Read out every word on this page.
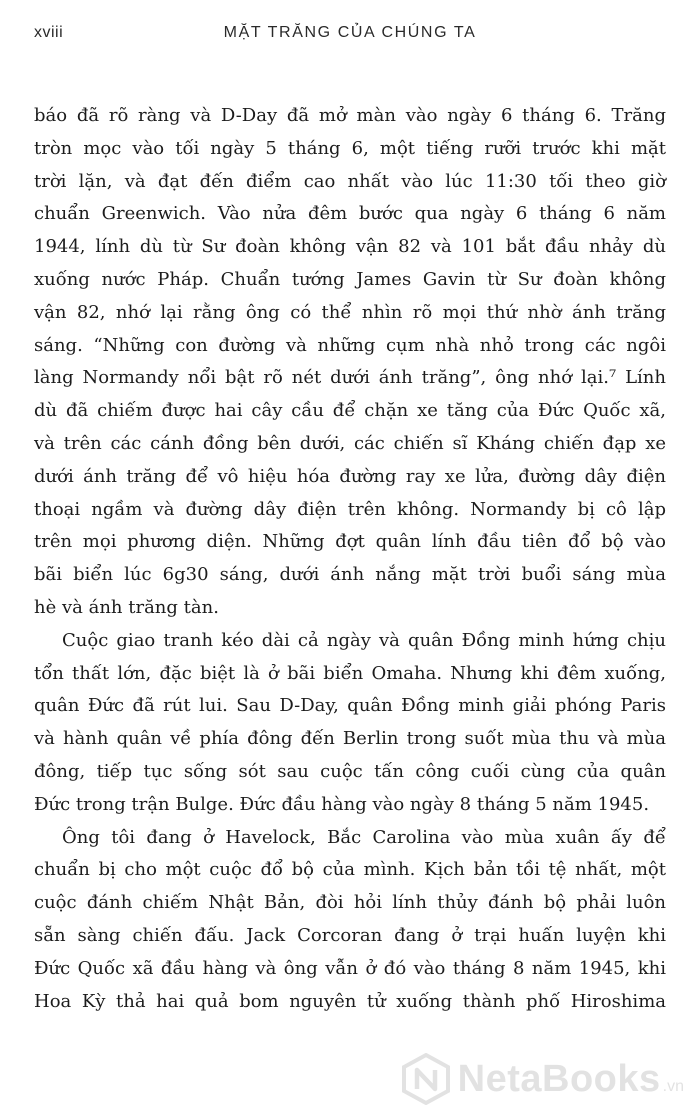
xviii	MẶT TRĂNG CỦA CHÚNG TA
báo đã rõ ràng và D-Day đã mở màn vào ngày 6 tháng 6. Trăng
tròn mọc vào tối ngày 5 tháng 6, một tiếng rưỡi trước khi mặt
trời lặn, và đạt đến điểm cao nhất vào lúc 11:30 tối theo giờ
chuẩn Greenwich. Vào nửa đêm bước qua ngày 6 tháng 6 năm
1944, lính dù từ Sư đoàn không vận 82 và 101 bắt đầu nhảy dù
xuống nước Pháp. Chuẩn tướng James Gavin từ Sư đoàn không
vận 82, nhớ lại rằng ông có thể nhìn rõ mọi thứ nhờ ánh trăng
sáng. “Những con đường và những cụm nhà nhỏ trong các ngôi
làng Normandy nổi bật rõ nét dưới ánh trăng”, ông nhớ lại.⁷ Lính
dù đã chiếm được hai cây cầu để chặn xe tăng của Đức Quốc xã,
và trên các cánh đồng bên dưới, các chiến sĩ Kháng chiến đạp xe
dưới ánh trăng để vô hiệu hóa đường ray xe lửa, đường dây điện
thoại ngầm và đường dây điện trên không. Normandy bị cô lập
trên mọi phương diện. Những đợt quân lính đầu tiên đổ bộ vào
bãi biển lúc 6g30 sáng, dưới ánh nắng mặt trời buổi sáng mùa
hè và ánh trăng tàn.
Cuộc giao tranh kéo dài cả ngày và quân Đồng minh hứng chịu
tổn thất lớn, đặc biệt là ở bãi biển Omaha. Nhưng khi đêm xuống,
quân Đức đã rút lui. Sau D-Day, quân Đồng minh giải phóng Paris
và hành quân về phía đông đến Berlin trong suốt mùa thu và mùa
đông, tiếp tục sống sót sau cuộc tấn công cuối cùng của quân
Đức trong trận Bulge. Đức đầu hàng vào ngày 8 tháng 5 năm 1945.
Ông tôi đang ở Havelock, Bắc Carolina vào mùa xuân ấy để
chuẩn bị cho một cuộc đổ bộ của mình. Kịch bản tồi tệ nhất, một
cuộc đánh chiếm Nhật Bản, đòi hỏi lính thủy đánh bộ phải luôn
sẵn sàng chiến đấu. Jack Corcoran đang ở trại huấn luyện khi
Đức Quốc xã đầu hàng và ông vẫn ở đó vào tháng 8 năm 1945, khi
Hoa Kỳ thả hai quả bom nguyên tử xuống thành phố Hiroshima
NetaBooks .vn
